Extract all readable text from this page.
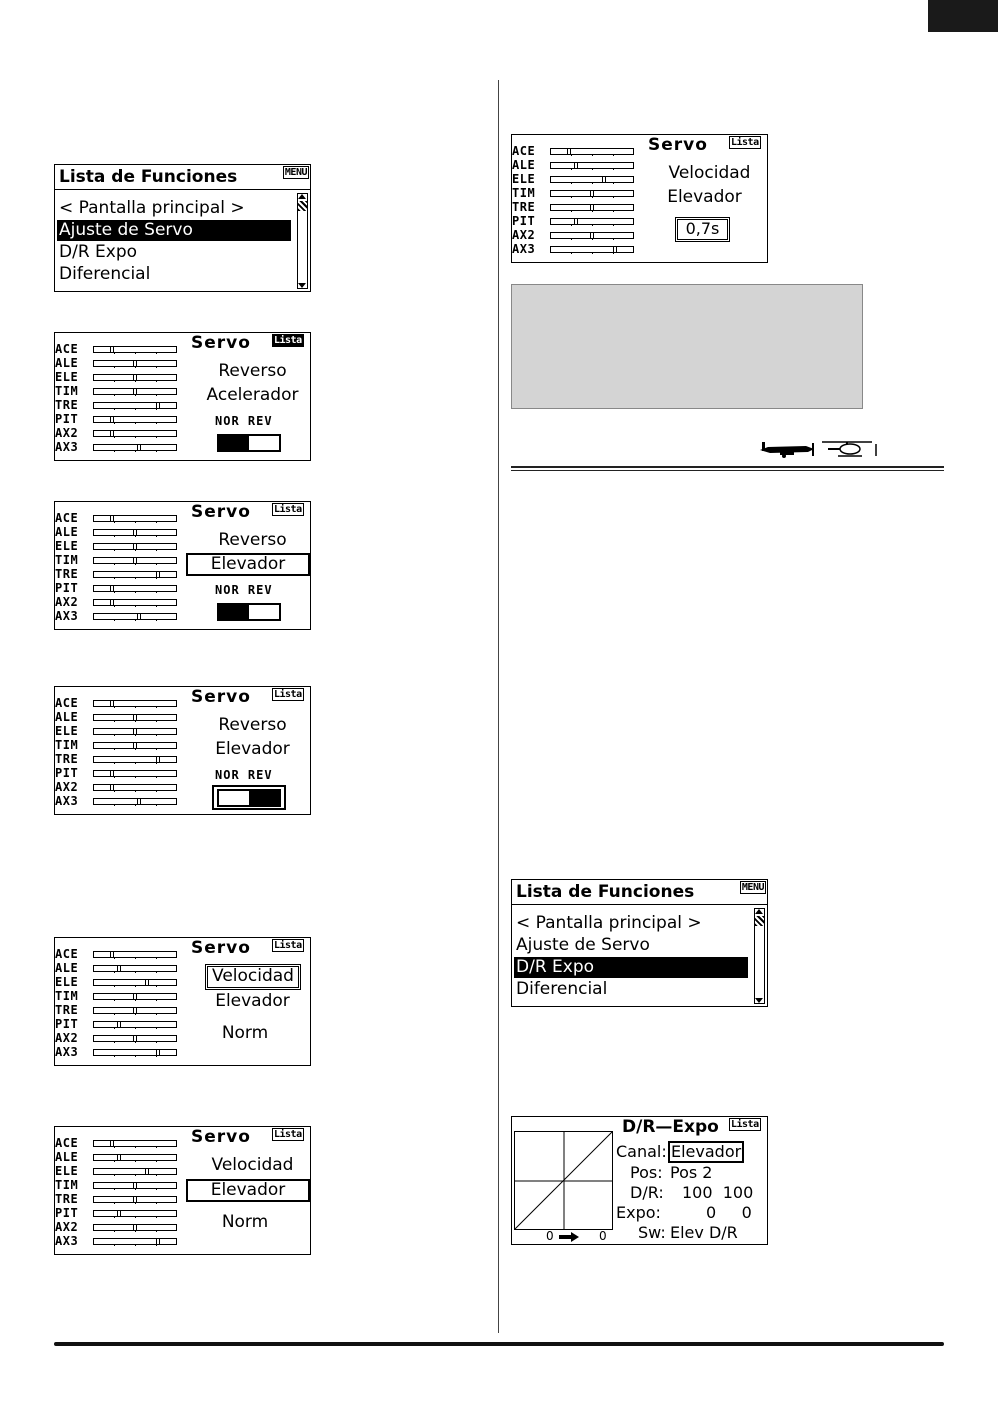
Lista de Funciones	MENU
< Pantalla principal >
Ajuste de Servo
D/R Expo
Diferencial
Lista de Funciones	MENU
< Pantalla principal >
Ajuste de Servo
D/R Expo
Diferencial
Servo Lista
Reverso
Acelerador
NOR REV
ACE
ALE
ELE
TIM
TRE
PIT
AX2
AX3
Servo Lista
Reverso
Elevador
NOR REV
ACE
ALE
ELE
TIM
TRE
PIT
AX2
AX3
Servo Lista
Reverso
Elevador
NOR REV
ACE
ALE
ELE
TIM
TRE
PIT
AX2
AX3
Servo Lista
Velocidad
Elevador
Norm
ACE
ALE
ELE
TIM
TRE
PIT
AX2
AX3
Servo Lista
Velocidad
Elevador
Norm
ACE
ALE
ELE
TIM
TRE
PIT
AX2
AX3
Servo Lista
Velocidad
Elevador
0,7s
ACE
ALE
ELE
TIM
TRE
PIT
AX2
AX3
0	0
D/R—Expo Lista
Canal: Elevador
Pos: Pos 2
D/R: 100  100
Expo:	0     0
Sw: Elev D/R
